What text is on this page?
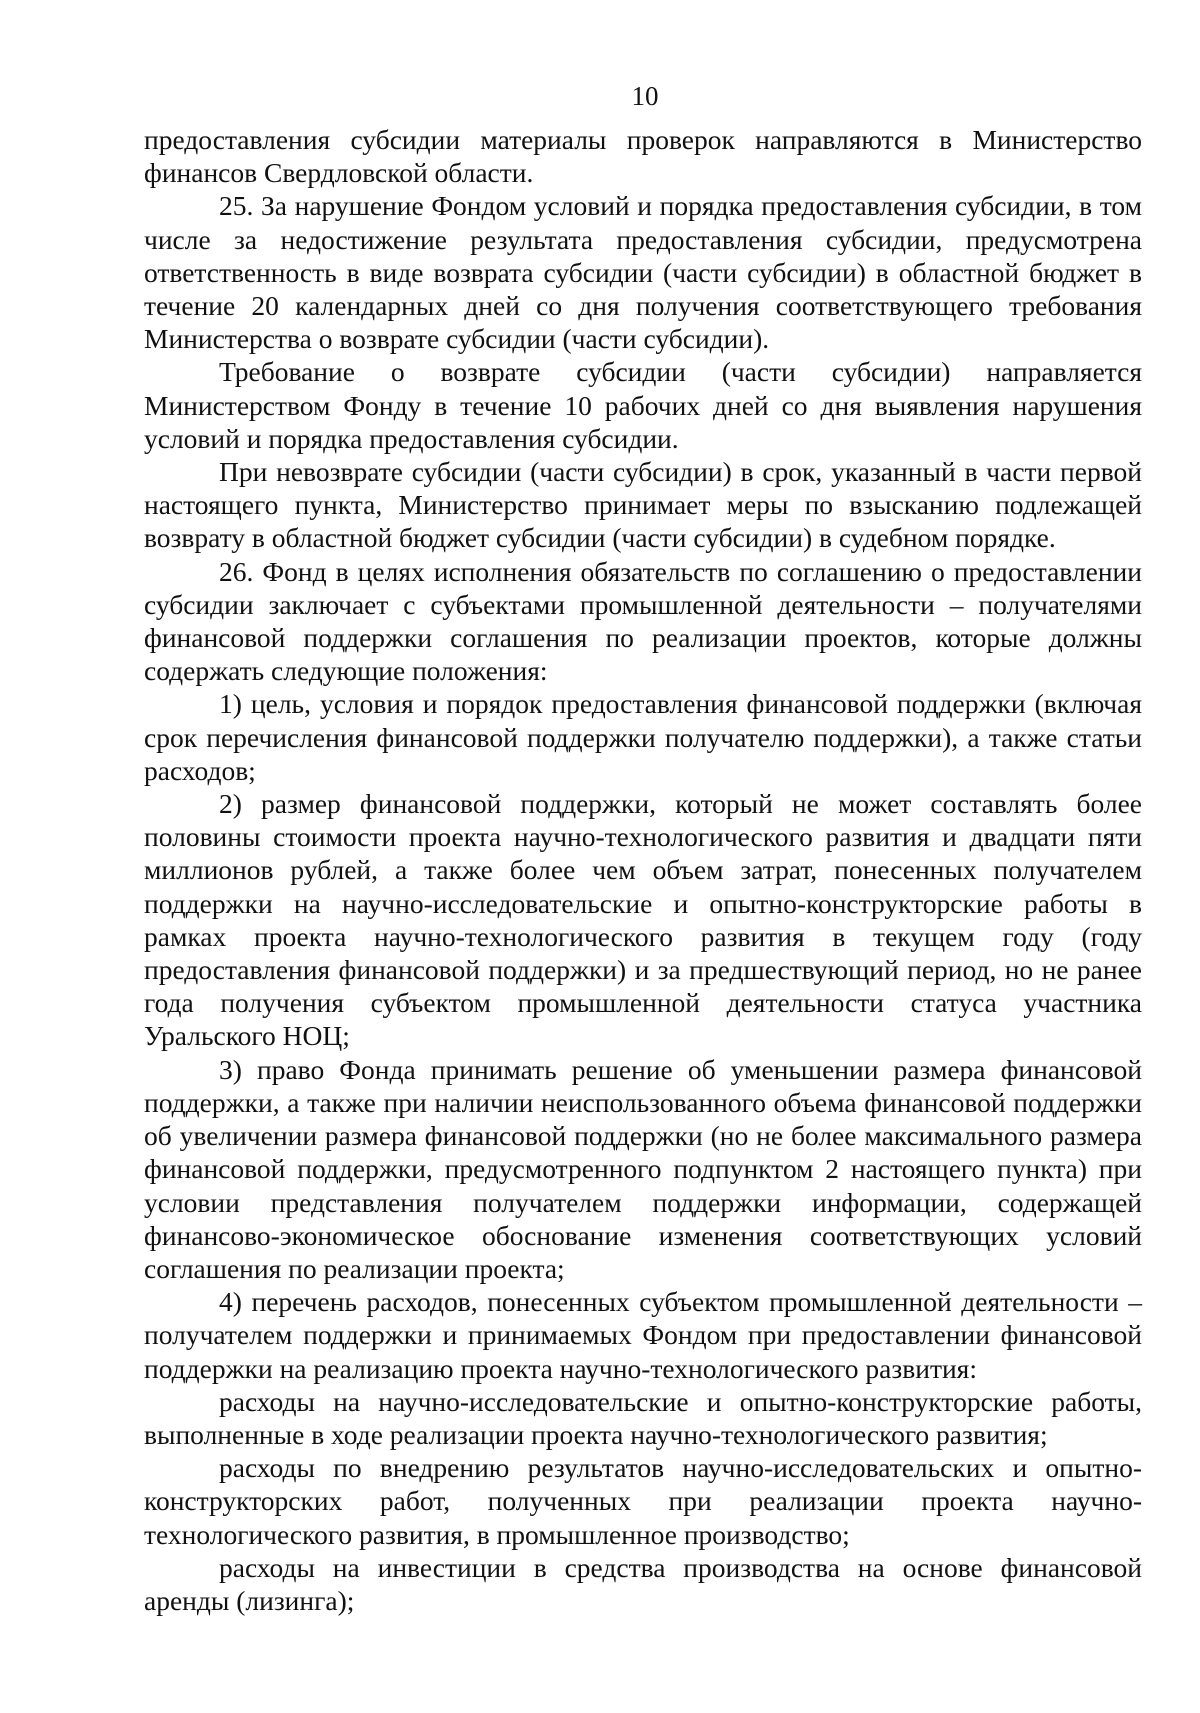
10

предоставления субсидии материалы проверок направляются в Министерство финансов Свердловской области.

25. За нарушение Фондом условий и порядка предоставления субсидии, в том числе за недостижение результата предоставления субсидии, предусмотрена ответственность в виде возврата субсидии (части субсидии) в областной бюджет в течение 20 календарных дней со дня получения соответствующего требования Министерства о возврате субсидии (части субсидии).

Требование о возврате субсидии (части субсидии) направляется Министерством Фонду в течение 10 рабочих дней со дня выявления нарушения условий и порядка предоставления субсидии.

При невозврате субсидии (части субсидии) в срок, указанный в части первой настоящего пункта, Министерство принимает меры по взысканию подлежащей возврату в областной бюджет субсидии (части субсидии) в судебном порядке.

26. Фонд в целях исполнения обязательств по соглашению о предоставлении субсидии заключает с субъектами промышленной деятельности – получателями финансовой поддержки соглашения по реализации проектов, которые должны содержать следующие положения:

1) цель, условия и порядок предоставления финансовой поддержки (включая срок перечисления финансовой поддержки получателю поддержки), а также статьи расходов;

2) размер финансовой поддержки, который не может составлять более половины стоимости проекта научно-технологического развития и двадцати пяти миллионов рублей, а также более чем объем затрат, понесенных получателем поддержки на научно-исследовательские и опытно-конструкторские работы в рамках проекта научно-технологического развития в текущем году (году предоставления финансовой поддержки) и за предшествующий период, но не ранее года получения субъектом промышленной деятельности статуса участника Уральского НОЦ;

3) право Фонда принимать решение об уменьшении размера финансовой поддержки, а также при наличии неиспользованного объема финансовой поддержки об увеличении размера финансовой поддержки (но не более максимального размера финансовой поддержки, предусмотренного подпунктом 2 настоящего пункта) при условии представления получателем поддержки информации, содержащей финансово-экономическое обоснование изменения соответствующих условий соглашения по реализации проекта;

4) перечень расходов, понесенных субъектом промышленной деятельности – получателем поддержки и принимаемых Фондом при предоставлении финансовой поддержки на реализацию проекта научно-технологического развития:

расходы на научно-исследовательские и опытно-конструкторские работы, выполненные в ходе реализации проекта научно-технологического развития;

расходы по внедрению результатов научно-исследовательских и опытно-конструкторских работ, полученных при реализации проекта научно-технологического развития, в промышленное производство;

расходы на инвестиции в средства производства на основе финансовой аренды (лизинга);
